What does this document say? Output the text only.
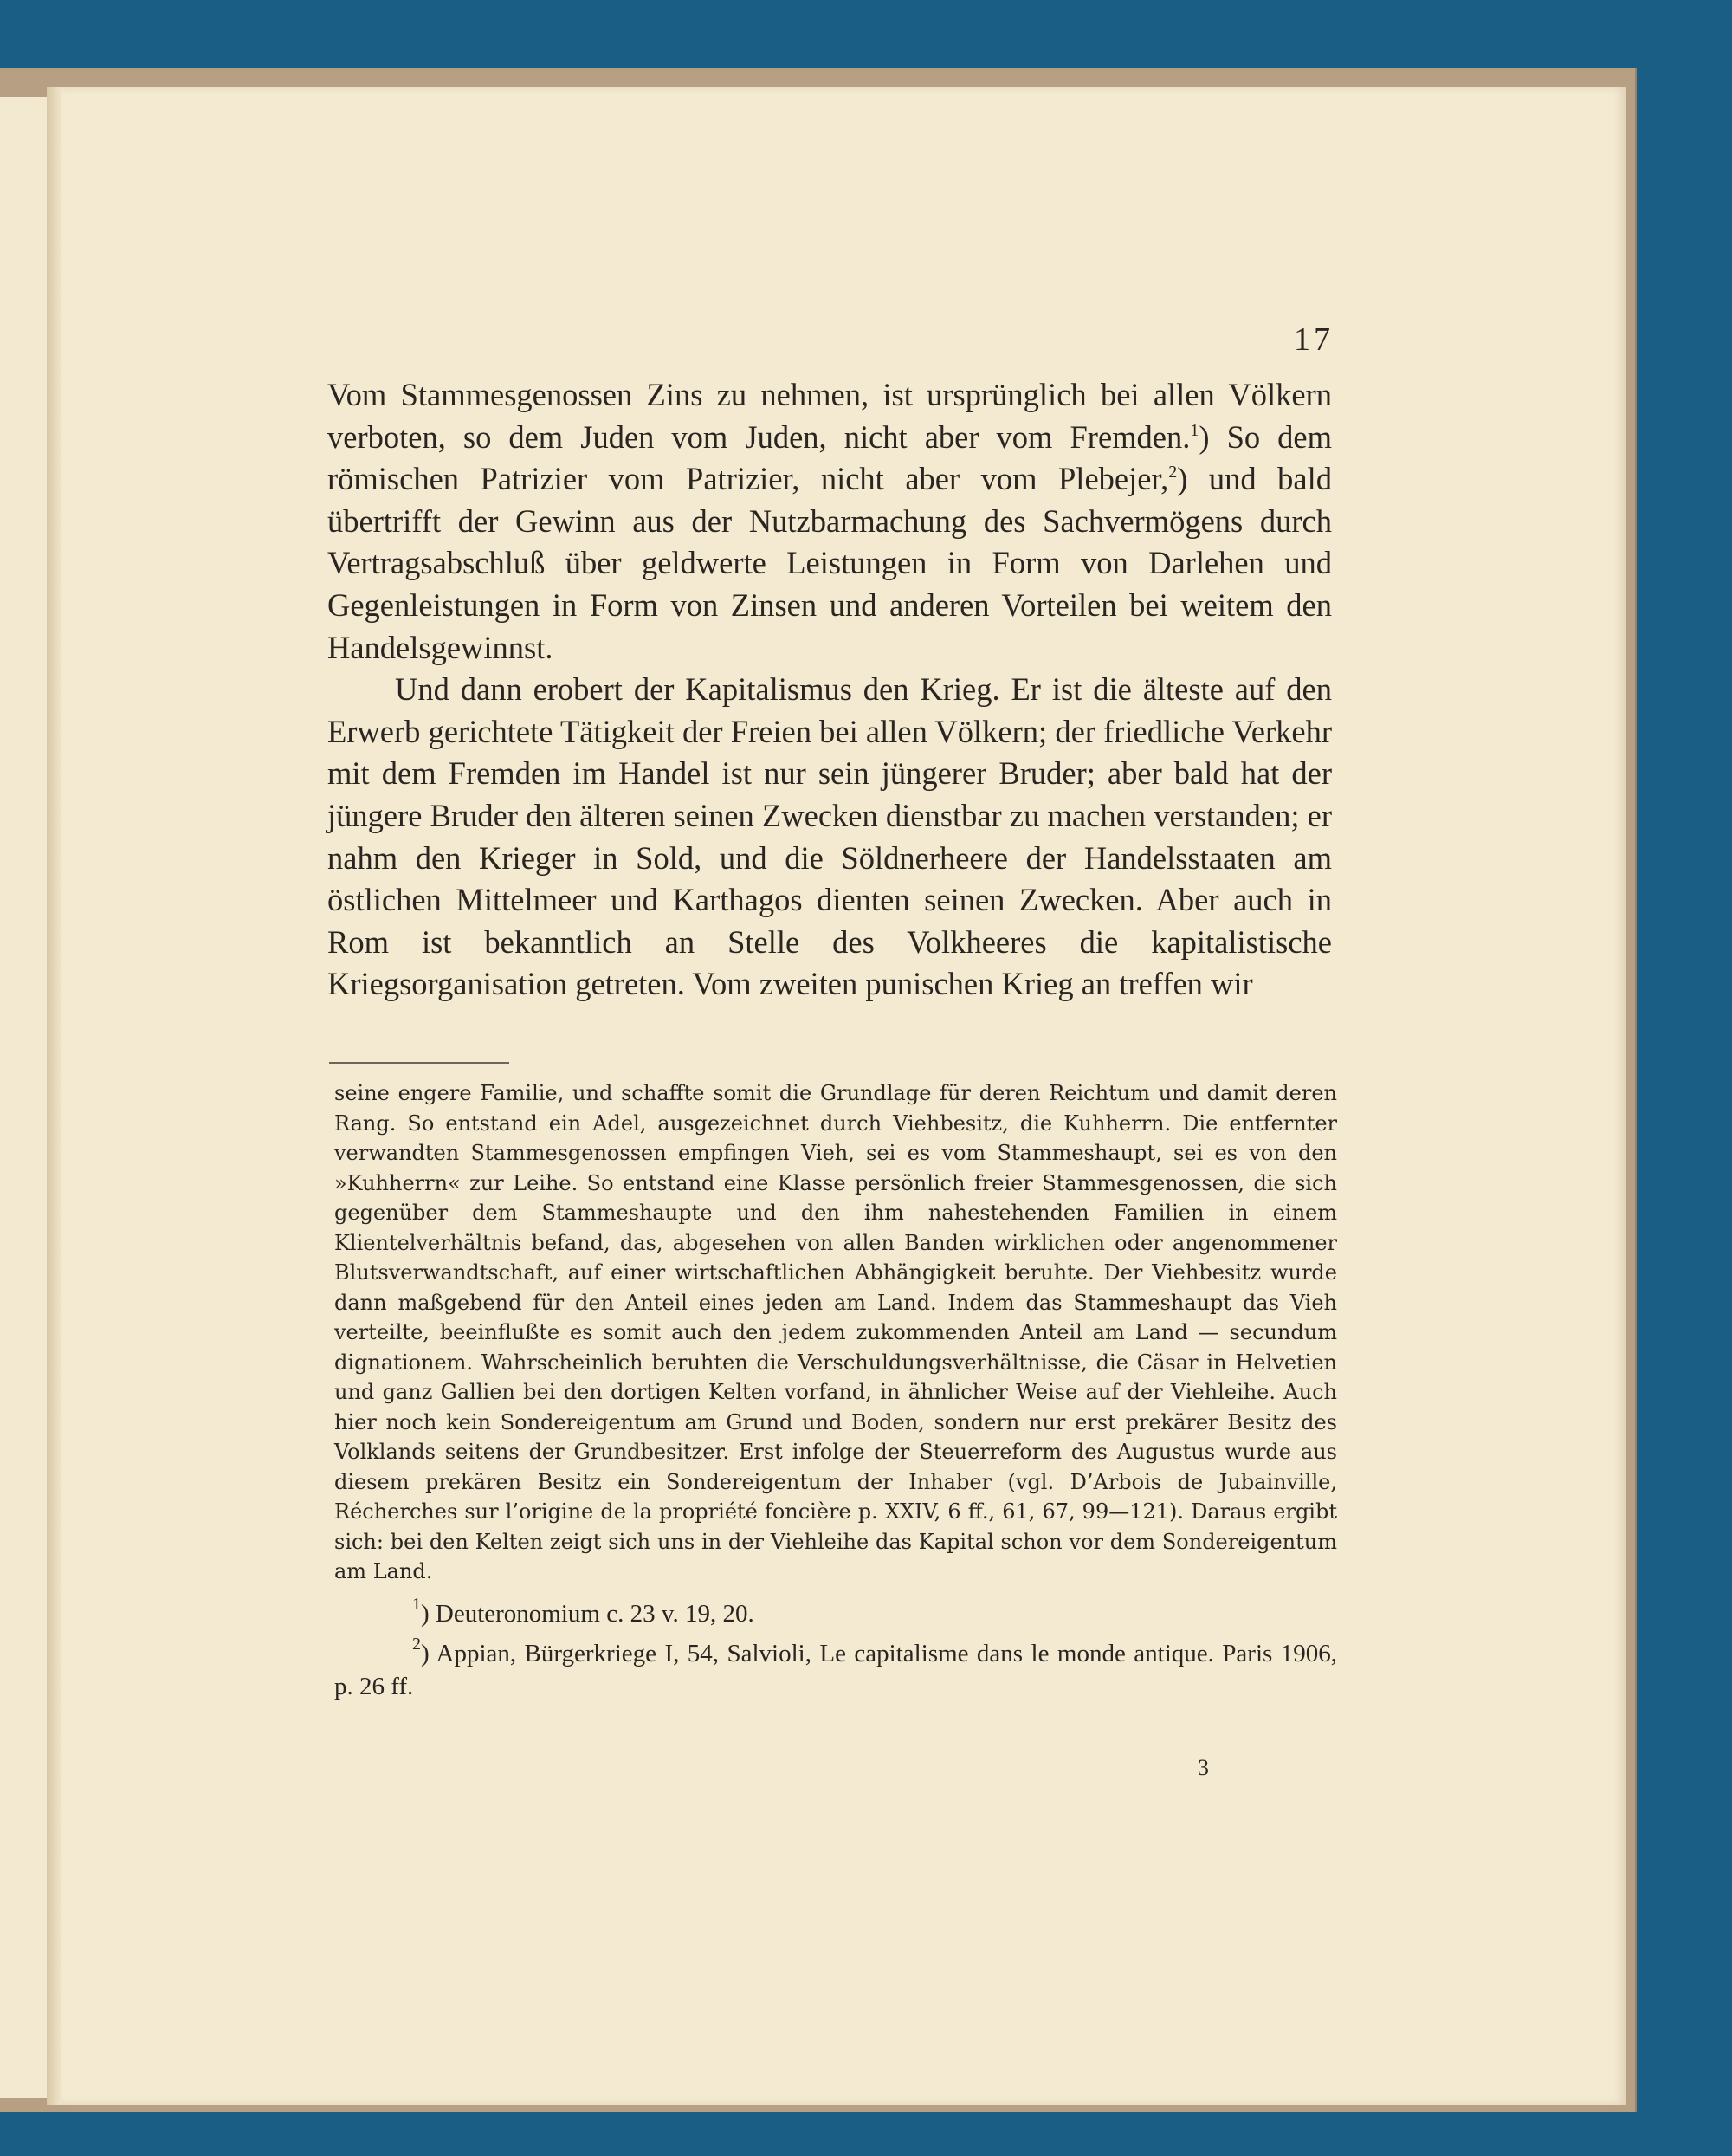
17

Vom Stammesgenossen Zins zu nehmen, ist ursprünglich bei allen Völkern verboten, so dem Juden vom Juden, nicht aber vom Fremden.$^1$) So dem römischen Patrizier vom Patrizier, nicht aber vom Plebejer,$^2$) und bald übertrifft der Gewinn aus der Nutzbarmachung des Sachvermögens durch Vertragsabschluß über geldwerte Leistungen in Form von Darlehen und Gegenleistungen in Form von Zinsen und anderen Vorteilen bei weitem den Handelsgewinnst.

Und dann erobert der Kapitalismus den Krieg. Er ist die älteste auf den Erwerb gerichtete Tätigkeit der Freien bei allen Völkern; der friedliche Verkehr mit dem Fremden im Handel ist nur sein jüngerer Bruder; aber bald hat der jüngere Bruder den älteren seinen Zwecken dienstbar zu machen verstanden; er nahm den Krieger in Sold, und die Söldnerheere der Handelsstaaten am östlichen Mittelmeer und Karthagos dienten seinen Zwecken. Aber auch in Rom ist bekanntlich an Stelle des Volkheeres die kapitalistische Kriegsorganisation getreten. Vom zweiten punischen Krieg an treffen wir

seine engere Familie, und schaffte somit die Grundlage für deren Reichtum und damit deren Rang. So entstand ein Adel, ausgezeichnet durch Viehbesitz, die Kuhherrn. Die entfernter verwandten Stammesgenossen empfingen Vieh, sei es vom Stammeshaupt, sei es von den »Kuhherrn« zur Leihe. So entstand eine Klasse persönlich freier Stammesgenossen, die sich gegenüber dem Stammeshaupte und den ihm nahestehenden Familien in einem Klientelverhältnis befand, das, abgesehen von allen Banden wirklichen oder angenommener Blutsverwandtschaft, auf einer wirtschaftlichen Abhängigkeit beruhte. Der Viehbesitz wurde dann maßgebend für den Anteil eines jeden am Land. Indem das Stammeshaupt das Vieh verteilte, beeinflußte es somit auch den jedem zukommenden Anteil am Land — secundum dignationem. Wahrscheinlich beruhten die Verschuldungsverhältnisse, die Cäsar in Helvetien und ganz Gallien bei den dortigen Kelten vorfand, in ähnlicher Weise auf der Viehleihe. Auch hier noch kein Sondereigentum am Grund und Boden, sondern nur erst prekärer Besitz des Volklands seitens der Grundbesitzer. Erst infolge der Steuerreform des Augustus wurde aus diesem prekären Besitz ein Sondereigentum der Inhaber (vgl. D’Arbois de Jubainville, Récherches sur l’origine de la propriété foncière p. XXIV, 6 ff., 61, 67, 99—121). Daraus ergibt sich: bei den Kelten zeigt sich uns in der Viehleihe das Kapital schon vor dem Sondereigentum am Land.

$^1$) Deuteronomium c. 23 v. 19, 20.

$^2$) Appian, Bürgerkriege I, 54, Salvioli, Le capitalisme dans le monde antique. Paris 1906, p. 26 ff.

3
